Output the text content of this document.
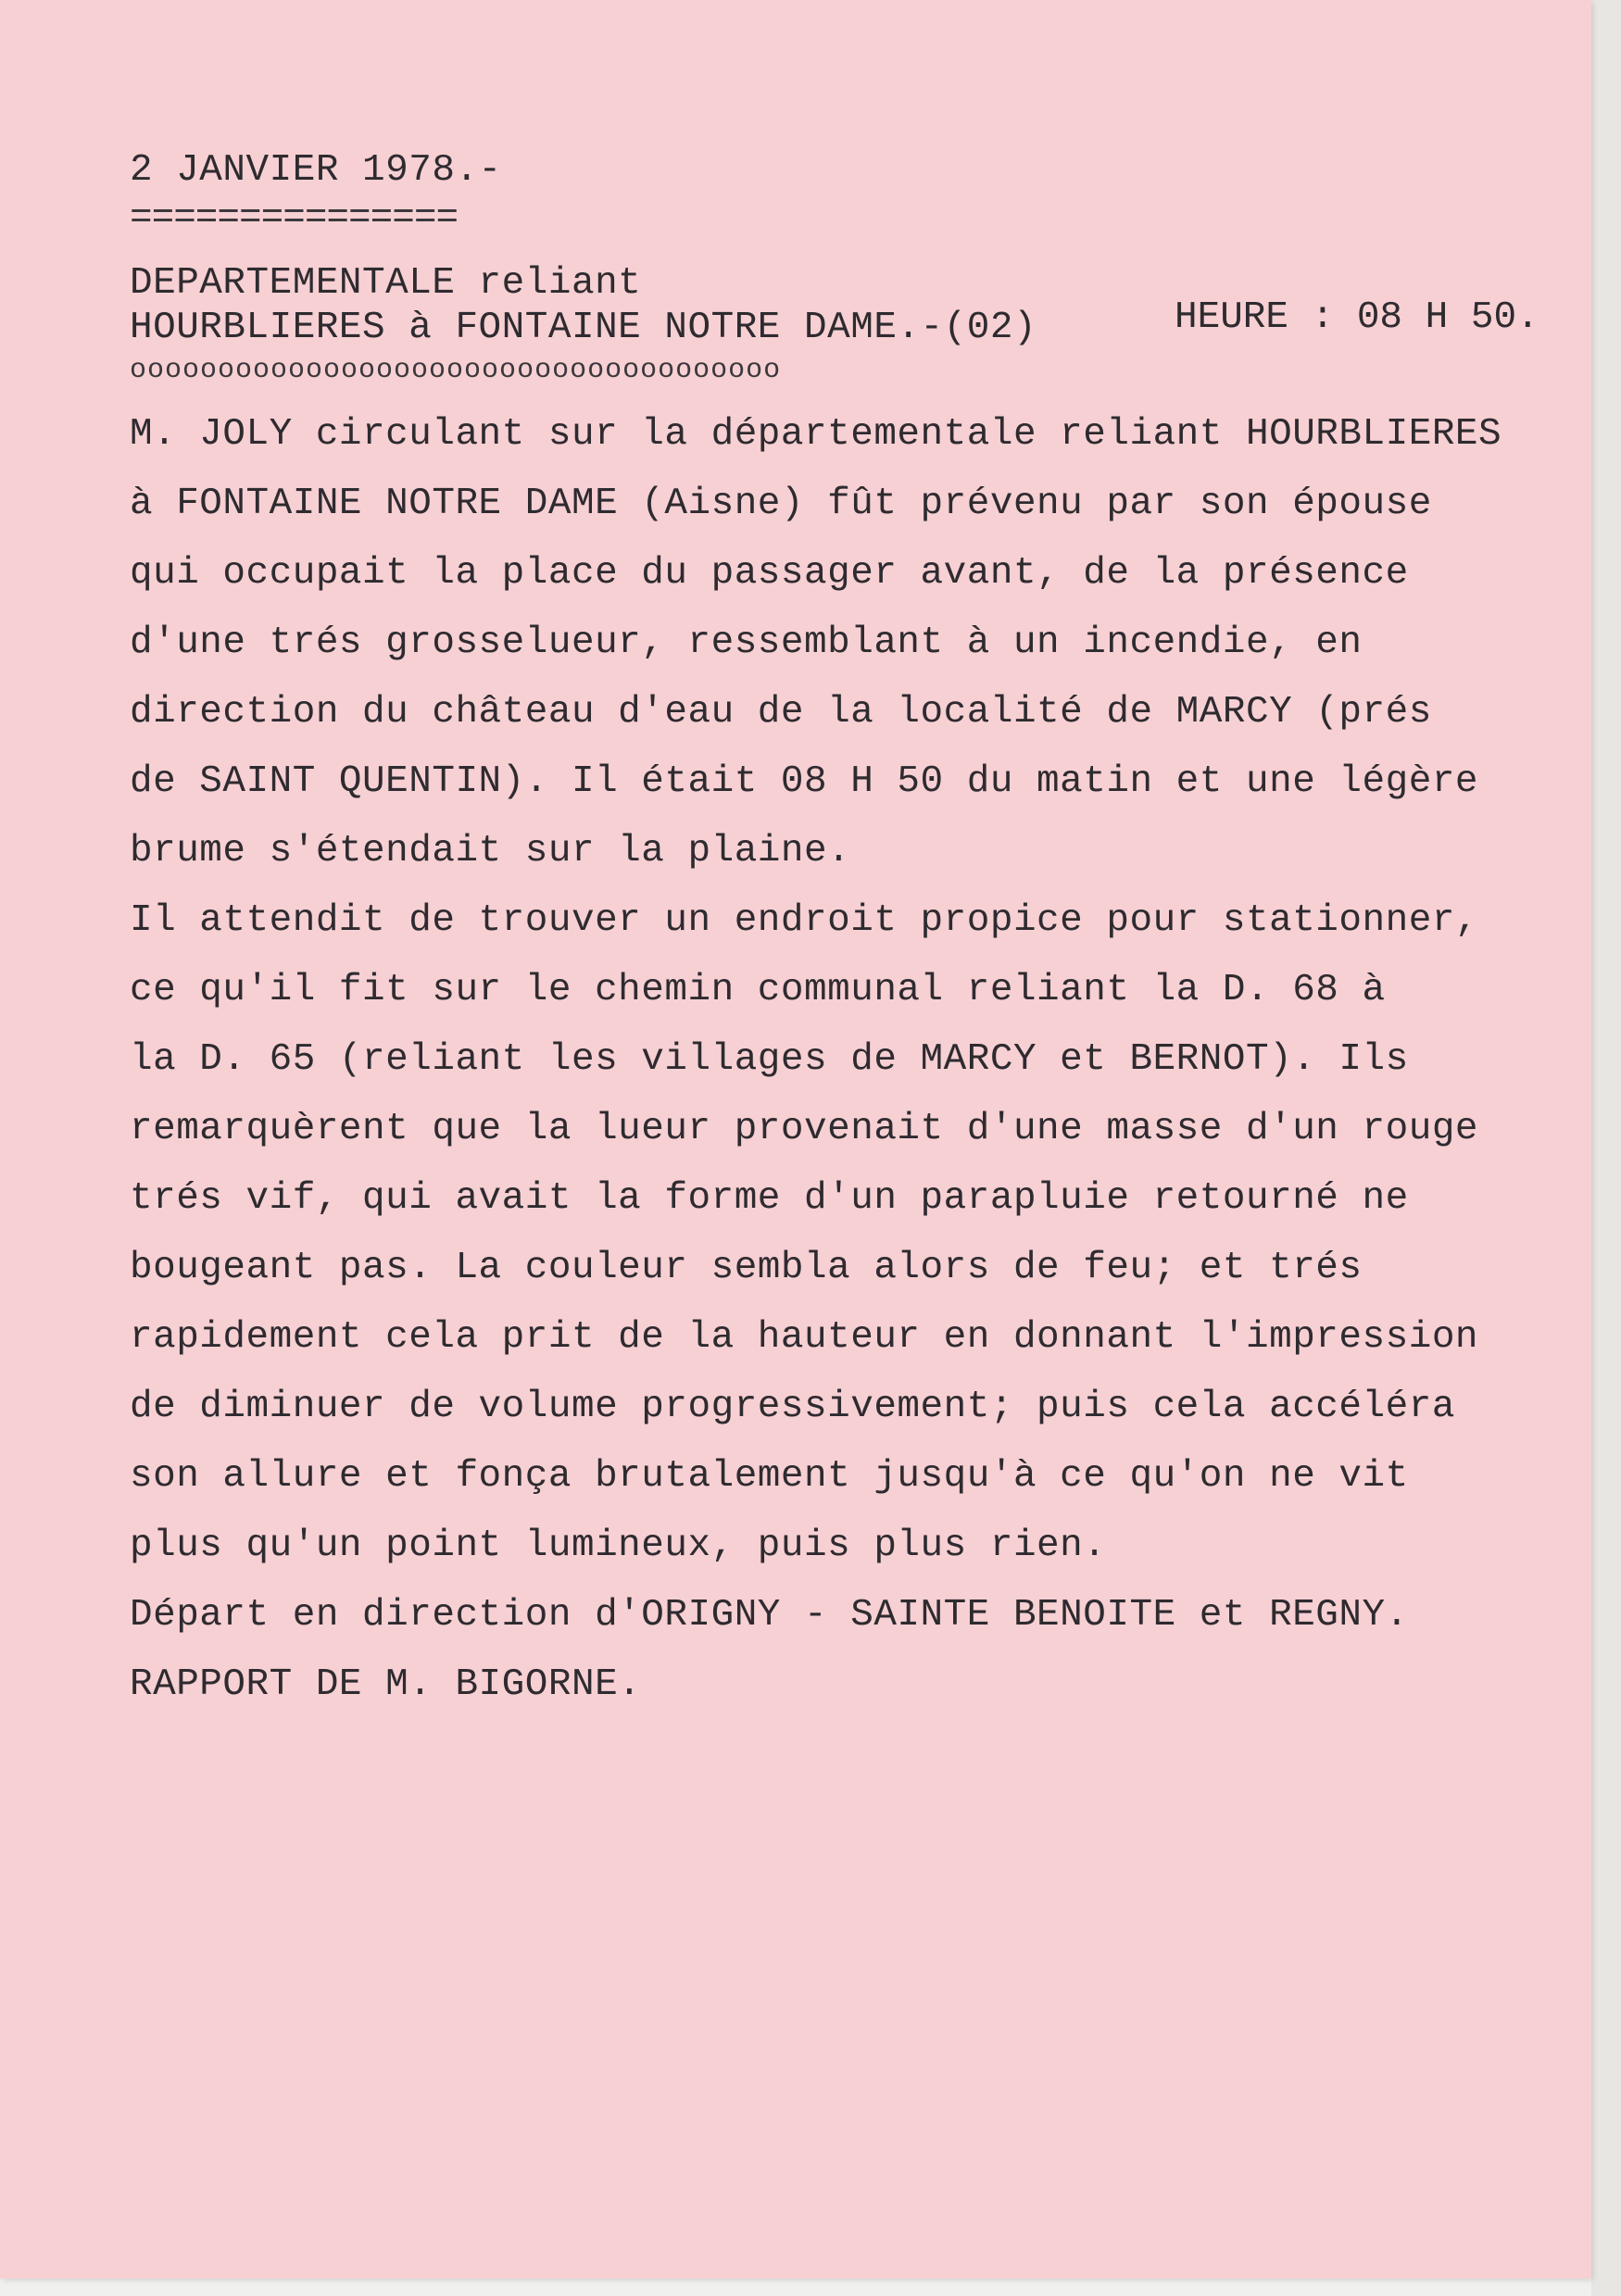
2 JANVIER 1978.-

===============

DEPARTEMENTALE reliant

HOURBLIERES à FONTAINE NOTRE DAME.-(02)	HEURE : 08 H 50.

ooooooooooooooooooooooooooooooooooooo

M. JOLY circulant sur la départementale reliant HOURBLIERES

à FONTAINE NOTRE DAME (Aisne) fût prévenu par son épouse

qui occupait la place du passager avant, de la présence

d'une trés grosselueur, ressemblant à un incendie, en

direction du château d'eau de la localité de MARCY (prés

de SAINT QUENTIN). Il était 08 H 50 du matin et une légère

brume s'étendait sur la plaine.

Il attendit de trouver un endroit propice pour stationner,

ce qu'il fit sur le chemin communal reliant la D. 68 à

la D. 65 (reliant les villages de MARCY et BERNOT). Ils

remarquèrent que la lueur provenait d'une masse d'un rouge

trés vif, qui avait la forme d'un parapluie retourné ne

bougeant pas. La couleur sembla alors de feu; et trés

rapidement cela prit de la hauteur en donnant l'impression

de diminuer de volume progressivement; puis cela accéléra

son allure et fonça brutalement jusqu'à ce qu'on ne vit

plus qu'un point lumineux, puis plus rien.

Départ en direction d'ORIGNY - SAINTE BENOITE et REGNY.

RAPPORT DE M. BIGORNE.
